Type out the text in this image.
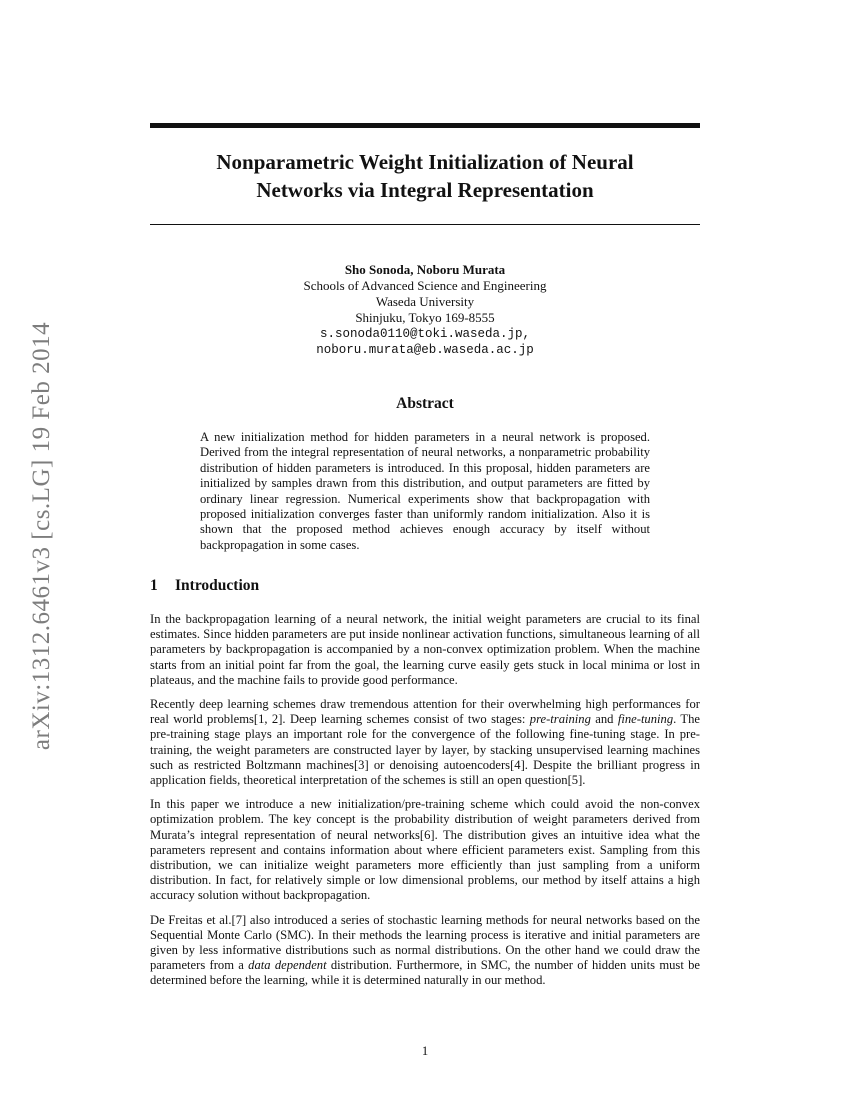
arXiv:1312.6461v3 [cs.LG] 19 Feb 2014
Nonparametric Weight Initialization of Neural
Networks via Integral Representation
Sho Sonoda, Noboru Murata
Schools of Advanced Science and Engineering
Waseda University
Shinjuku, Tokyo 169-8555
s.sonoda0110@toki.waseda.jp,
noboru.murata@eb.waseda.ac.jp
Abstract
A new initialization method for hidden parameters in a neural network is proposed. Derived from the integral representation of neural networks, a nonparametric probability distribution of hidden parameters is introduced. In this proposal, hidden parameters are initialized by samples drawn from this distribution, and output parameters are fitted by ordinary linear regression. Numerical experiments show that backpropagation with proposed initialization converges faster than uniformly random initialization. Also it is shown that the proposed method achieves enough accuracy by itself without backpropagation in some cases.
1 Introduction

In the backpropagation learning of a neural network, the initial weight parameters are crucial to its final estimates. Since hidden parameters are put inside nonlinear activation functions, simultaneous learning of all parameters by backpropagation is accompanied by a non-convex optimization problem. When the machine starts from an initial point far from the goal, the learning curve easily gets stuck in local minima or lost in plateaus, and the machine fails to provide good performance.

Recently deep learning schemes draw tremendous attention for their overwhelming high performances for real world problems[1, 2]. Deep learning schemes consist of two stages: pre-training and fine-tuning. The pre-training stage plays an important role for the convergence of the following fine-tuning stage. In pre-training, the weight parameters are constructed layer by layer, by stacking unsupervised learning machines such as restricted Boltzmann machines[3] or denoising autoencoders[4]. Despite the brilliant progress in application fields, theoretical interpretation of the schemes is still an open question[5].

In this paper we introduce a new initialization/pre-training scheme which could avoid the non-convex optimization problem. The key concept is the probability distribution of weight parameters derived from Murata’s integral representation of neural networks[6]. The distribution gives an intuitive idea what the parameters represent and contains information about where efficient parameters exist. Sampling from this distribution, we can initialize weight parameters more efficiently than just sampling from a uniform distribution. In fact, for relatively simple or low dimensional problems, our method by itself attains a high accuracy solution without backpropagation.

De Freitas et al.[7] also introduced a series of stochastic learning methods for neural networks based on the Sequential Monte Carlo (SMC). In their methods the learning process is iterative and initial parameters are given by less informative distributions such as normal distributions. On the other hand we could draw the parameters from a data dependent distribution. Furthermore, in SMC, the number of hidden units must be determined before the learning, while it is determined naturally in our method.

1
